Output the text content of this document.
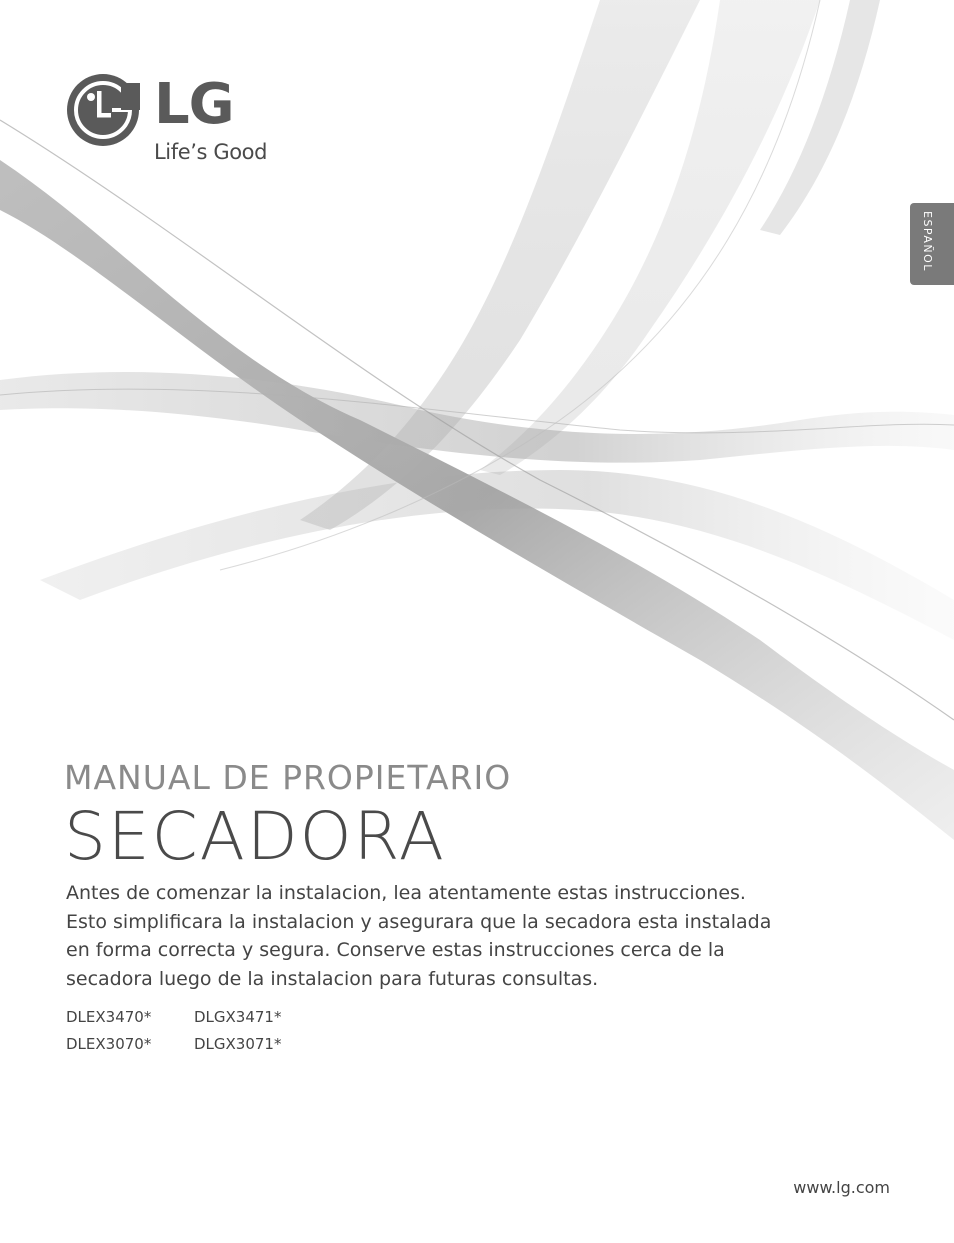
LG
Life’s Good
ESPAÑOL
MANUAL DE PROPIETARIO
SECADORA
Antes de comenzar la instalacion, lea atentamente estas instrucciones.
Esto simplificara la instalacion y asegurara que la secadora esta instalada
en forma correcta y segura. Conserve estas instrucciones cerca de la
secadora luego de la instalacion para futuras consultas.
DLEX3470*	DLGX3471*
DLEX3070*	DLGX3071*
www.lg.com
